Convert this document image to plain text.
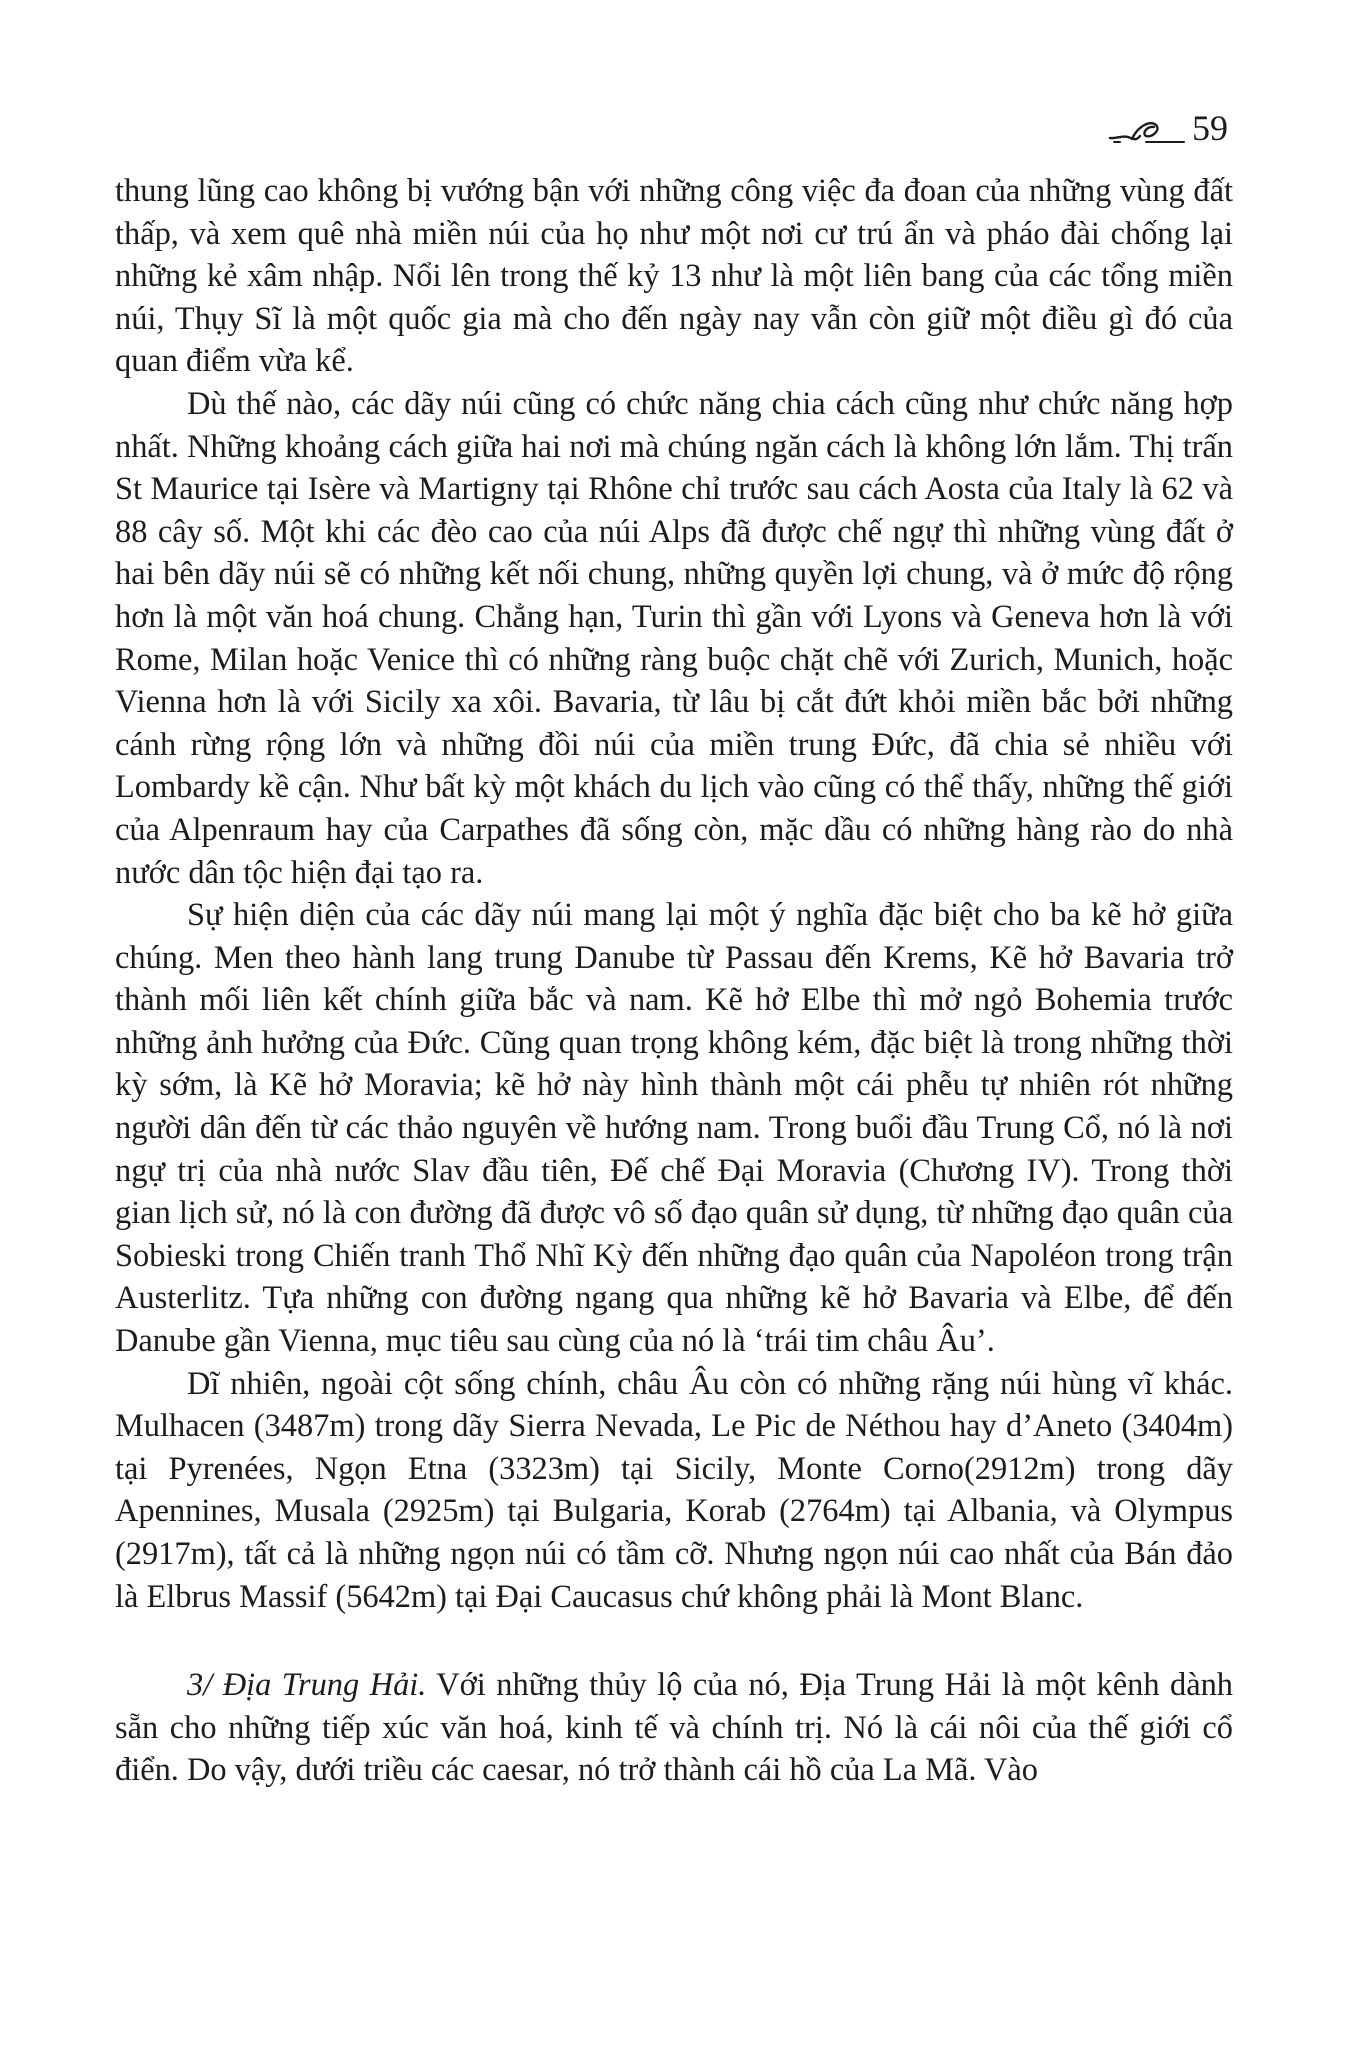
59

thung lũng cao không bị vướng bận với những công việc đa đoan của những vùng đất thấp, và xem quê nhà miền núi của họ như một nơi cư trú ẩn và pháo đài chống lại những kẻ xâm nhập. Nổi lên trong thế kỷ 13 như là một liên bang của các tổng miền núi, Thụy Sĩ là một quốc gia mà cho đến ngày nay vẫn còn giữ một điều gì đó của quan điểm vừa kể.

Dù thế nào, các dãy núi cũng có chức năng chia cách cũng như chức năng hợp nhất. Những khoảng cách giữa hai nơi mà chúng ngăn cách là không lớn lắm. Thị trấn St Maurice tại Isère và Martigny tại Rhône chỉ trước sau cách Aosta của Italy là 62 và 88 cây số. Một khi các đèo cao của núi Alps đã được chế ngự thì những vùng đất ở hai bên dãy núi sẽ có những kết nối chung, những quyền lợi chung, và ở mức độ rộng hơn là một văn hoá chung. Chẳng hạn, Turin thì gần với Lyons và Geneva hơn là với Rome, Milan hoặc Venice thì có những ràng buộc chặt chẽ với Zurich, Munich, hoặc Vienna hơn là với Sicily xa xôi. Bavaria, từ lâu bị cắt đứt khỏi miền bắc bởi những cánh rừng rộng lớn và những đồi núi của miền trung Đức, đã chia sẻ nhiều với Lombardy kề cận. Như bất kỳ một khách du lịch vào cũng có thể thấy, những thế giới của Alpenraum hay của Carpathes đã sống còn, mặc dầu có những hàng rào do nhà nước dân tộc hiện đại tạo ra.

Sự hiện diện của các dãy núi mang lại một ý nghĩa đặc biệt cho ba kẽ hở giữa chúng. Men theo hành lang trung Danube từ Passau đến Krems, Kẽ hở Bavaria trở thành mối liên kết chính giữa bắc và nam. Kẽ hở Elbe thì mở ngỏ Bohemia trước những ảnh hưởng của Đức. Cũng quan trọng không kém, đặc biệt là trong những thời kỳ sớm, là Kẽ hở Moravia; kẽ hở này hình thành một cái phễu tự nhiên rót những người dân đến từ các thảo nguyên về hướng nam. Trong buổi đầu Trung Cổ, nó là nơi ngự trị của nhà nước Slav đầu tiên, Đế chế Đại Moravia (Chương IV). Trong thời gian lịch sử, nó là con đường đã được vô số đạo quân sử dụng, từ những đạo quân của Sobieski trong Chiến tranh Thổ Nhĩ Kỳ đến những đạo quân của Napoléon trong trận Austerlitz. Tựa những con đường ngang qua những kẽ hở Bavaria và Elbe, để đến Danube gần Vienna, mục tiêu sau cùng của nó là ‘trái tim châu Âu’.

Dĩ nhiên, ngoài cột sống chính, châu Âu còn có những rặng núi hùng vĩ khác. Mulhacen (3487m) trong dãy Sierra Nevada, Le Pic de Néthou hay d’Aneto (3404m) tại Pyrenées, Ngọn Etna (3323m) tại Sicily, Monte Corno(2912m) trong dãy Apennines, Musala (2925m) tại Bulgaria, Korab (2764m) tại Albania, và Olympus (2917m), tất cả là những ngọn núi có tầm cỡ. Nhưng ngọn núi cao nhất của Bán đảo là Elbrus Massif (5642m) tại Đại Caucasus chứ không phải là Mont Blanc.

3/ Địa Trung Hải. Với những thủy lộ của nó, Địa Trung Hải là một kênh dành sẵn cho những tiếp xúc văn hoá, kinh tế và chính trị. Nó là cái nôi của thế giới cổ điển. Do vậy, dưới triều các caesar, nó trở thành cái hồ của La Mã. Vào
